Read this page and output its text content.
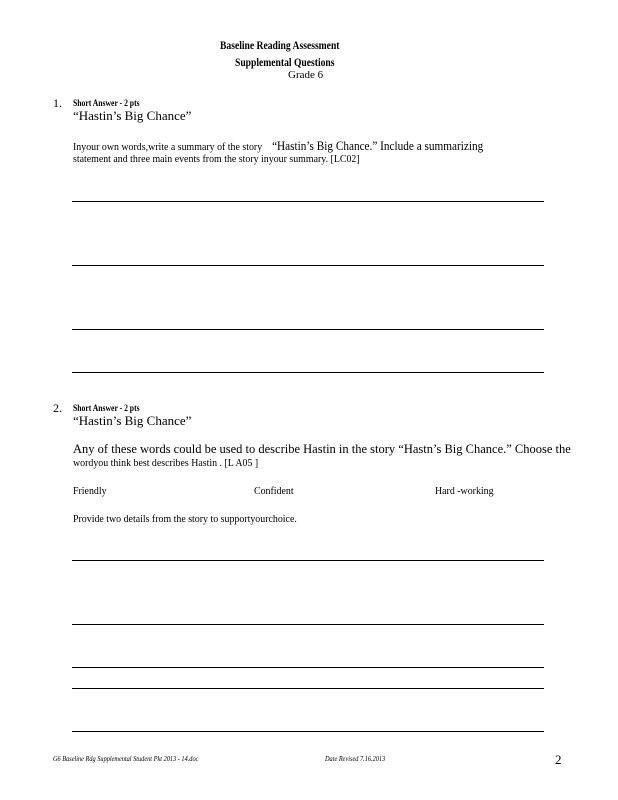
Baseline Reading Assessment
Supplemental Questions
Grade 6
1. Short Answer - 2 pts
“Hastin’s Big Chance”
Inyour own words,write a summary of the story “Hastin’s Big Chance.” Include a summarizing
statement and three main events from the story inyour summary. [LC02]
2. Short Answer - 2 pts
“Hastin’s Big Chance”
Any of these words could be used to describe Hastin in the story “Hastn’s Big Chance.” Choose the
wordyou think best describes Hastin . [L A05 ]
Friendly	Confident	Hard -working
Provide two details from the story to supportyourchoice.
G6 Baseline Rdg Supplemental Student Pkt 2013 - 14.doc	Date Revised 7.16.2013	2
